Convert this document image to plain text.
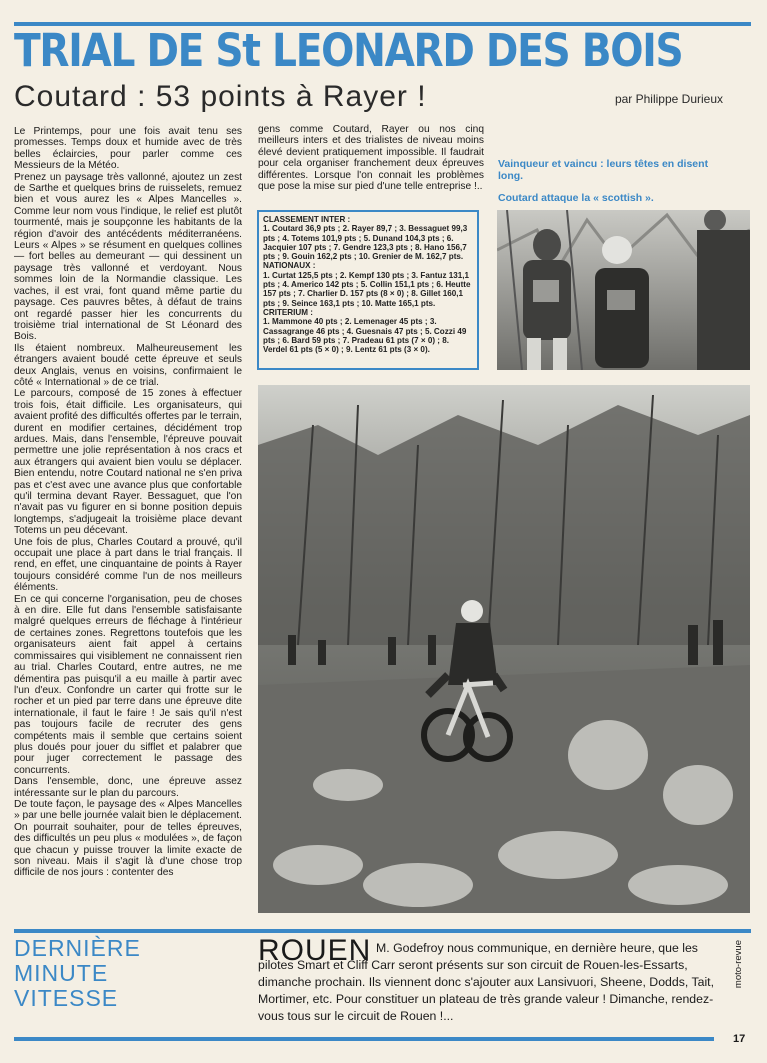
TRIAL DE St LEONARD DES BOIS
Coutard : 53 points à Rayer !	par Philippe Durieux

Le Printemps, pour une fois avait tenu ses promesses. Temps doux et humide avec de très belles éclaircies, pour parler comme ces Messieurs de la Météo.

Prenez un paysage très vallonné, ajoutez un zest de Sarthe et quelques brins de ruisselets, remuez bien et vous aurez les « Alpes Mancelles ». Comme leur nom vous l'indique, le relief est plutôt tourmenté, mais je soupçonne les habitants de la région d'avoir des antécédents méditerranéens. Leurs « Alpes » se résument en quelques collines — fort belles au demeurant — qui dessinent un paysage très vallonné et verdoyant. Nous sommes loin de la Normandie classique. Les vaches, il est vrai, font quand même partie du paysage. Ces pauvres bêtes, à défaut de trains ont regardé passer hier les concurrents du troisième trial international de St Léonard des Bois.

Ils étaient nombreux. Malheureusement les étrangers avaient boudé cette épreuve et seuls deux Anglais, venus en voisins, confirmaient le côté « International » de ce trial.

Le parcours, composé de 15 zones à effectuer trois fois, était difficile. Les organisateurs, qui avaient profité des difficultés offertes par le terrain, durent en modifier certaines, décidément trop ardues. Mais, dans l'ensemble, l'épreuve pouvait permettre une jolie représentation à nos cracs et aux étrangers qui avaient bien voulu se déplacer. Bien entendu, notre Coutard national ne s'en priva pas et c'est avec une avance plus que confortable qu'il termina devant Rayer. Bessaguet, que l'on n'avait pas vu figurer en si bonne position depuis longtemps, s'adjugeait la troisième place devant Totems un peu décevant.

Une fois de plus, Charles Coutard a prouvé, qu'il occupait une place à part dans le trial français. Il rend, en effet, une cinquantaine de points à Rayer toujours considéré comme l'un de nos meilleurs éléments.

En ce qui concerne l'organisation, peu de choses à en dire. Elle fut dans l'ensemble satisfaisante malgré quelques erreurs de fléchage à l'intérieur de certaines zones. Regrettons toutefois que les organisateurs aient fait appel à certains commissaires qui visiblement ne connaissent rien au trial. Charles Coutard, entre autres, ne me démentira pas puisqu'il a eu maille à partir avec l'un d'eux. Confondre un carter qui frotte sur le rocher et un pied par terre dans une épreuve dite internationale, il faut le faire ! Je sais qu'il n'est pas toujours facile de recruter des gens compétents mais il semble que certains soient plus doués pour jouer du sifflet et palabrer que pour juger correctement le passage des concurrents.

Dans l'ensemble, donc, une épreuve assez intéressante sur le plan du parcours.

De toute façon, le paysage des « Alpes Mancelles » par une belle journée valait bien le déplacement. On pourrait souhaiter, pour de telles épreuves, des difficultés un peu plus « modulées », de façon que chacun y puisse trouver la limite exacte de son niveau. Mais il s'agit là d'une chose trop difficile de nos jours : contenter des

gens comme Coutard, Rayer ou nos cinq meilleurs inters et des trialistes de niveau moins élevé devient pratiquement impossible. Il faudrait pour cela organiser franchement deux épreuves différentes. Lorsque l'on connait les problèmes que pose la mise sur pied d'une telle entreprise !..

Vainqueur et vaincu : leurs têtes en disent long.
Coutard attaque la « scottish ».
CLASSEMENT INTER :
1. Coutard 36,9 pts ; 2. Rayer 89,7 ; 3. Bessaguet 99,3 pts ; 4. Totems 101,9 pts ; 5. Dunand 104,3 pts ; 6. Jacquier 107 pts ; 7. Gendre 123,3 pts ; 8. Hano 156,7 pts ; 9. Gouin 162,2 pts ; 10. Grenier de M. 162,7 pts.
NATIONAUX :
1. Curtat 125,5 pts ; 2. Kempf 130 pts ; 3. Fantuz 131,1 pts ; 4. Americo 142 pts ; 5. Collin 151,1 pts ; 6. Heutte 157 pts ; 7. Charlier D. 157 pts (8 × 0) ; 8. Gillet 160,1 pts ; 9. Seince 163,1 pts ; 10. Matte 165,1 pts.
CRITERIUM :
1. Mammone 40 pts ; 2. Lemenager 45 pts ; 3. Cassagrange 46 pts ; 4. Guesnais 47 pts ; 5. Cozzi 49 pts ; 6. Bard 59 pts ; 7. Pradeau 61 pts (7 × 0) ; 8. Verdel 61 pts (5 × 0) ; 9. Lentz 61 pts (3 × 0).
DERNIÈRE
MINUTE
VITESSE
ROUEN M. Godefroy nous communique, en dernière heure, que les pilotes Smart et Cliff Carr seront présents sur son circuit de Rouen-les-Essarts, dimanche prochain. Ils viennent donc s'ajouter aux Lansivuori, Sheene, Dodds, Tait, Mortimer, etc. Pour constituer un plateau de très grande valeur ! Dimanche, rendez-vous tous sur le circuit de Rouen !...

moto-revue
17
